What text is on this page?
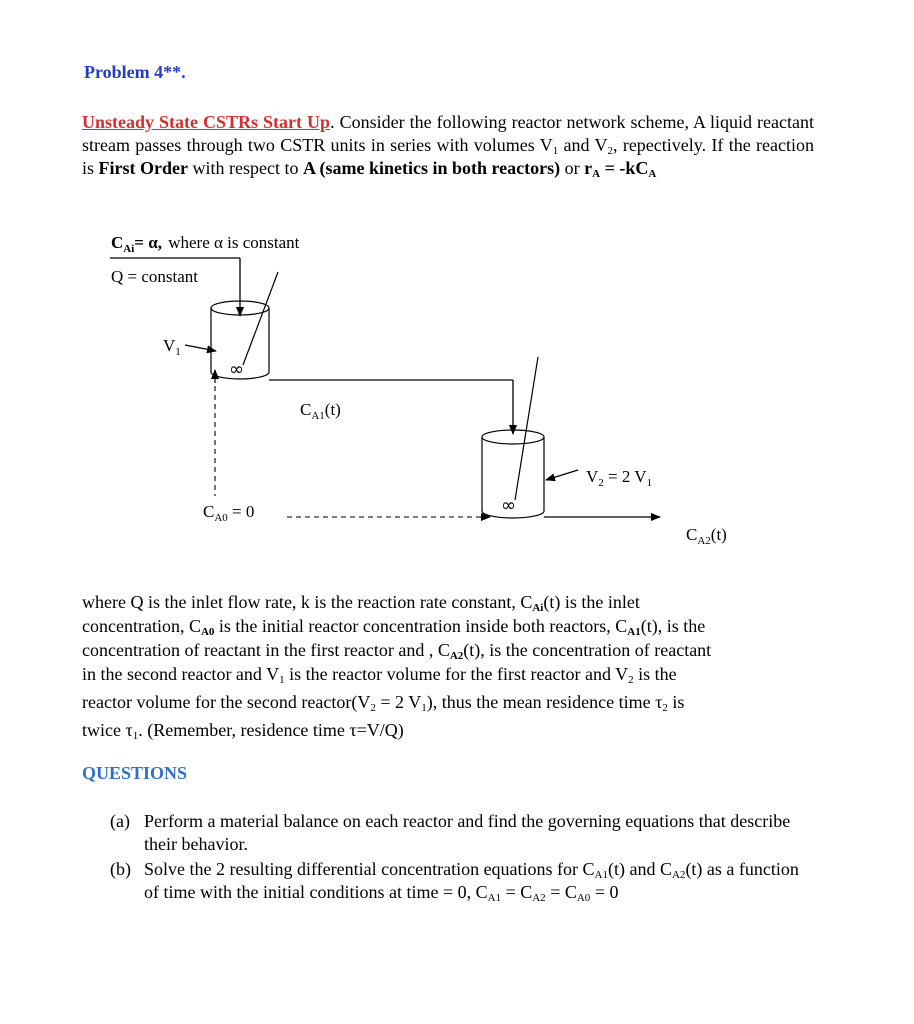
Problem 4**.
Unsteady State CSTRs Start Up. Consider the following reactor network scheme, A liquid reactant stream passes through two CSTR units in series with volumes $V_1$ and $V_2$, repectively. If the reaction is First Order with respect to A (same kinetics in both reactors) or $r_A = -kC_A$
∞
∞
$C_{Ai}= \alpha$, where α is constant
Q = constant
$V_1$
$C_{A1}(t)$
$V_2 = 2$ $V_1$
$C_{A0} = 0$
$C_{A2}(t)$
where Q is the inlet flow rate, k is the reaction rate constant, $C_{Ai}(t)$ is the inlet
concentration, $C_{A0}$ is the initial reactor concentration inside both reactors, $C_{A1}(t)$, is the
concentration of reactant in the first reactor and , $C_{A2}(t)$, is the concentration of reactant
in the second reactor and $V_1$ is the reactor volume for the first reactor and $V_2$ is the
reactor volume for the second $reactor(V_2 = 2$ $V_1$), thus the mean residence time $\tau_2$ is
twice $\tau_1$. (Remember, residence time τ=V/Q)
QUESTIONS
(a) Perform a material balance on each reactor and find the governing equations that describe their behavior.
(b) Solve the 2 resulting differential concentration equations for $C_{A1}(t)$ and $C_{A2}(t)$ as a function of time with the initial conditions at time = 0, $C_{A1} = C_{A2} = C_{A0} = 0$
